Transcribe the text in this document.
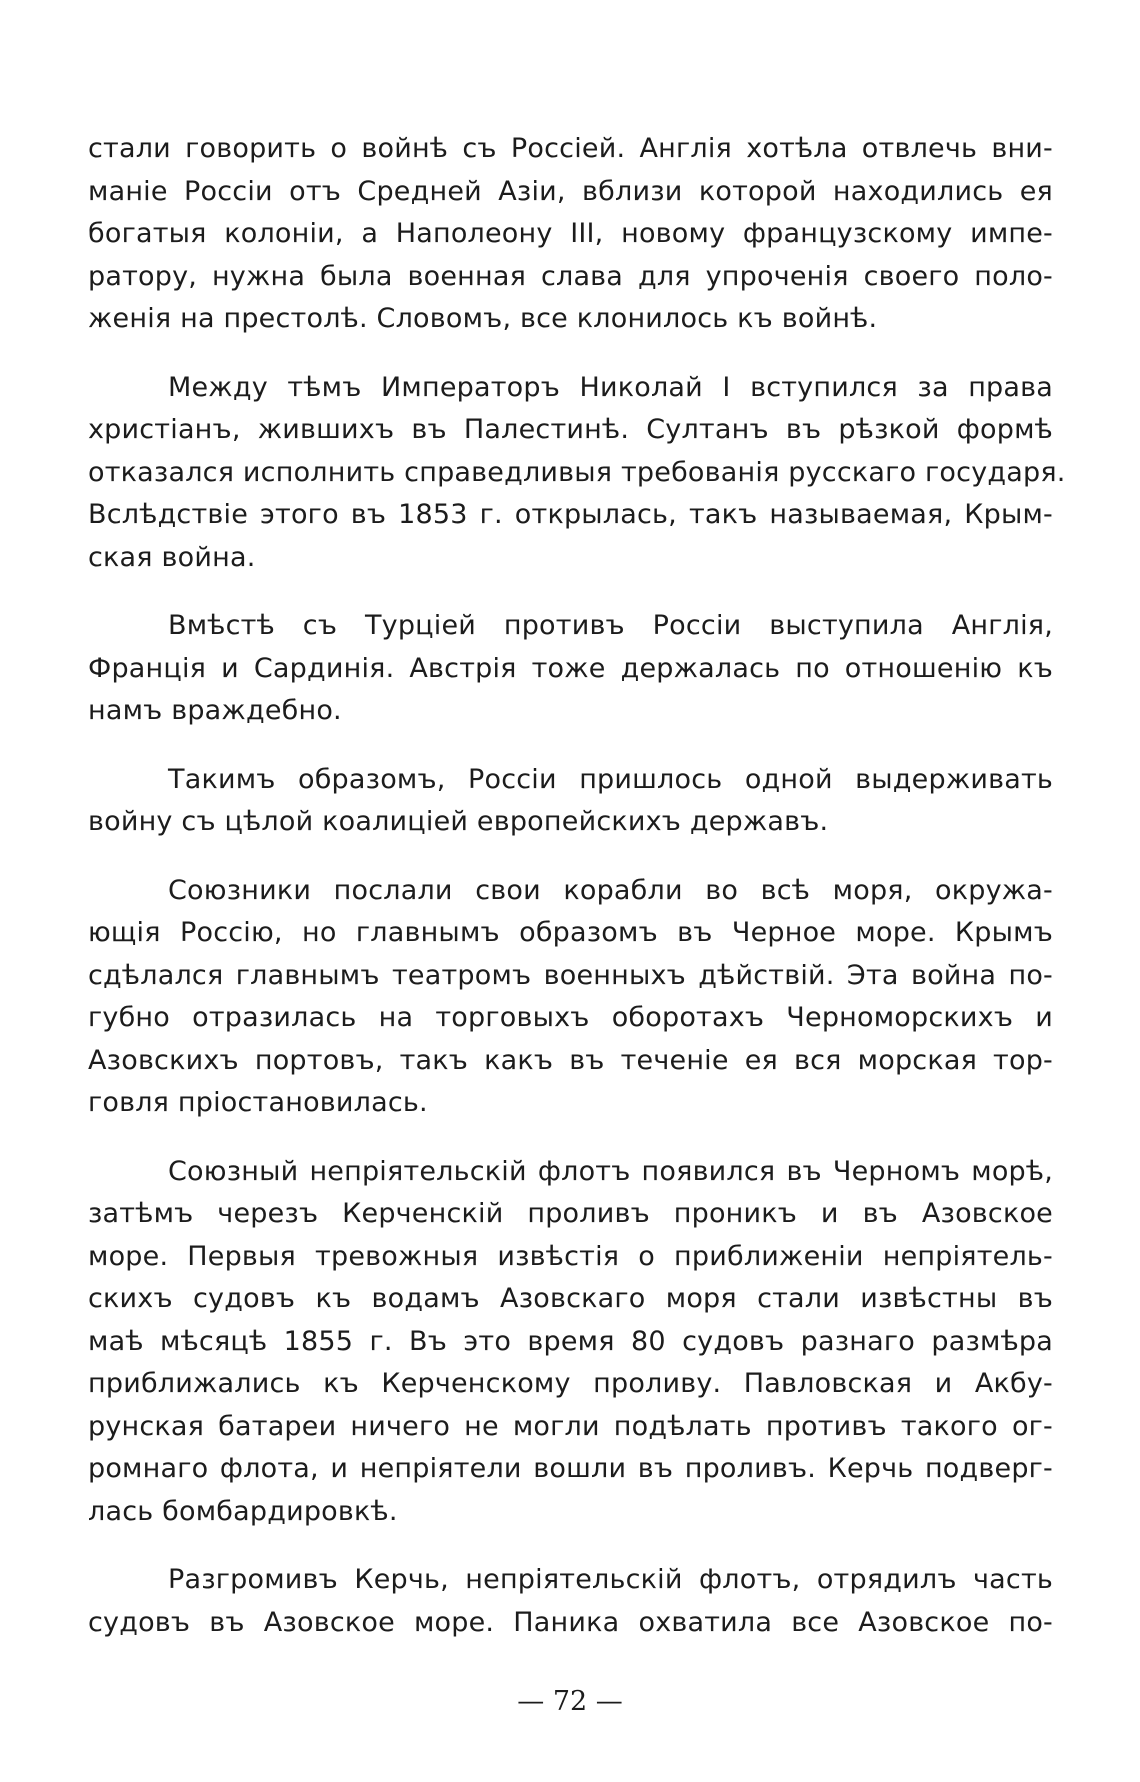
стали говорить о войнѣ съ Россіей. Англія хотѣла отвлечь вни-
маніе Россіи отъ Средней Азіи, вблизи которой находились ея
богатыя колоніи, а Наполеону III, новому французскому импе-
ратору, нужна была военная слава для упроченія своего поло-
женія на престолѣ. Словомъ, все клонилось къ войнѣ.
Между тѣмъ Императоръ Николай I вступился за права
христіанъ, жившихъ въ Палестинѣ. Султанъ въ рѣзкой формѣ
отказался исполнить справедливыя требованія русскаго государя.
Вслѣдствіе этого въ 1853 г. открылась, такъ называемая, Крым-
ская война.
Вмѣстѣ съ Турціей противъ Россіи выступила Англія,
Франція и Сардинія. Австрія тоже держалась по отношенію къ
намъ враждебно.
Такимъ образомъ, Россіи пришлось одной выдерживать
войну съ цѣлой коалиціей европейскихъ державъ.
Союзники послали свои корабли во всѣ моря, окружа-
ющія Россію, но главнымъ образомъ въ Черное море. Крымъ
сдѣлался главнымъ театромъ военныхъ дѣйствій. Эта война по-
губно отразилась на торговыхъ оборотахъ Черноморскихъ и
Азовскихъ портовъ, такъ какъ въ теченіе ея вся морская тор-
говля пріостановилась.
Союзный непріятельскій флотъ появился въ Черномъ морѣ,
затѣмъ черезъ Керченскій проливъ проникъ и въ Азовское
море. Первыя тревожныя извѣстія о приближеніи непріятель-
скихъ судовъ къ водамъ Азовскаго моря стали извѣстны въ
маѣ мѣсяцѣ 1855 г. Въ это время 80 судовъ разнаго размѣра
приближались къ Керченскому проливу. Павловская и Акбу-
рунская батареи ничего не могли подѣлать противъ такого ог-
ромнаго флота, и непріятели вошли въ проливъ. Керчь подверг-
лась бомбардировкѣ.
Разгромивъ Керчь, непріятельскій флотъ, отрядилъ часть
судовъ въ Азовское море. Паника охватила все Азовское по-
— 72 —
